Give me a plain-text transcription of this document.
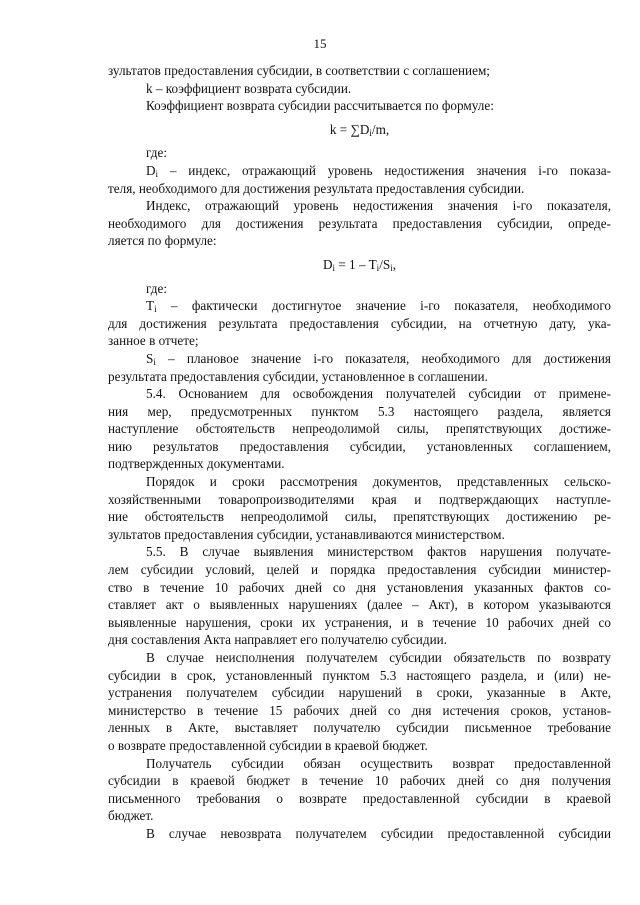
15
зультатов предоставления субсидии, в соответствии с соглашением;
k – коэффициент возврата субсидии.
Коэффициент возврата субсидии рассчитывается по формуле:
$k = \sum D_i/m$,
где:
$D_i$ – индекс, отражающий уровень недостижения значения i-го показа-
теля, необходимого для достижения результата предоставления субсидии.
Индекс, отражающий уровень недостижения значения i-го показателя,
необходимого для достижения результата предоставления субсидии, опреде-
ляется по формуле:
$D_i = 1 - T_i/S_i$,
где:
$T_i$ – фактически достигнутое значение i-го показателя, необходимого
для достижения результата предоставления субсидии, на отчетную дату, ука-
занное в отчете;
$S_i$ – плановое значение i-го показателя, необходимого для достижения
результата предоставления субсидии, установленное в соглашении.
5.4. Основанием для освобождения получателей субсидии от примене-
ния мер, предусмотренных пунктом 5.3 настоящего раздела, является
наступление обстоятельств непреодолимой силы, препятствующих достиже-
нию результатов предоставления субсидии, установленных соглашением,
подтвержденных документами.
Порядок и сроки рассмотрения документов, представленных сельско-
хозяйственными товаропроизводителями края и подтверждающих наступле-
ние обстоятельств непреодолимой силы, препятствующих достижению ре-
зультатов предоставления субсидии, устанавливаются министерством.
5.5. В случае выявления министерством фактов нарушения получате-
лем субсидии условий, целей и порядка предоставления субсидии министер-
ство в течение 10 рабочих дней со дня установления указанных фактов со-
ставляет акт о выявленных нарушениях (далее – Акт), в котором указываются
выявленные нарушения, сроки их устранения, и в течение 10 рабочих дней со
дня составления Акта направляет его получателю субсидии.
В случае неисполнения получателем субсидии обязательств по возврату
субсидии в срок, установленный пунктом 5.3 настоящего раздела, и (или) не-
устранения получателем субсидии нарушений в сроки, указанные в Акте,
министерство в течение 15 рабочих дней со дня истечения сроков, установ-
ленных в Акте, выставляет получателю субсидии письменное требование
о возврате предоставленной субсидии в краевой бюджет.
Получатель субсидии обязан осуществить возврат предоставленной
субсидии в краевой бюджет в течение 10 рабочих дней со дня получения
письменного требования о возврате предоставленной субсидии в краевой
бюджет.
В случае невозврата получателем субсидии предоставленной субсидии
